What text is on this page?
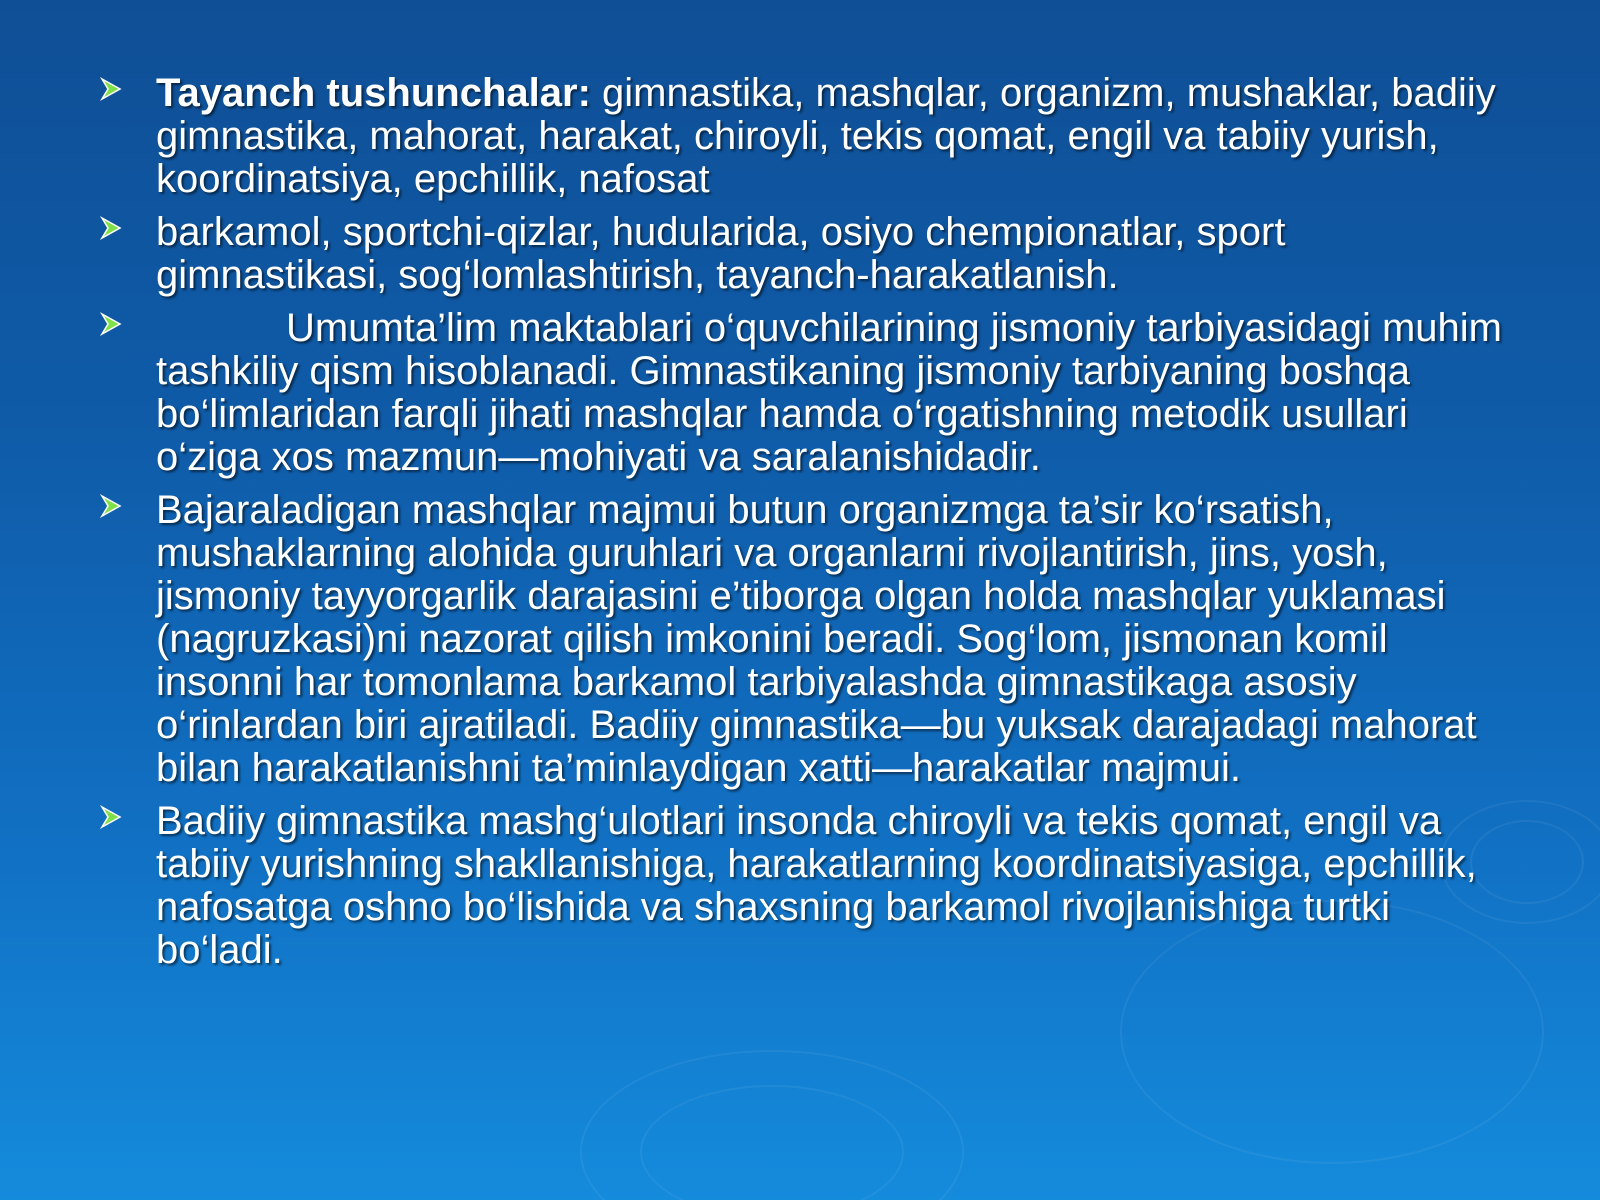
Tayanch tushunchalar: gimnastika, mashqlar, organizm, mushaklar, badiiy gimnastika, mahorat, harakat, chiroyli, tekis qomat, engil va tabiiy yurish, koordinatsiya, epchillik, nafosat
barkamol, sportchi-qizlar, hudularida, osiyo chempionatlar, sport gimnastikasi, sog‘lomlashtirish, tayanch-harakatlanish.
Umumta’lim maktablari o‘quvchilarining jismoniy tarbiyasidagi muhim tashkiliy qism hisoblanadi. Gimnastikaning jismoniy tarbiyaning boshqa bo‘limlaridan farqli jihati mashqlar hamda o‘rgatishning metodik usullari o‘ziga xos mazmun—mohiyati va saralanishidadir.
Bajaraladigan mashqlar majmui butun organizmga ta’sir ko‘rsatish, mushaklarning alohida guruhlari va organlarni rivojlantirish, jins, yosh, jismoniy tayyorgarlik darajasini e’tiborga olgan holda mashqlar yuklamasi (nagruzkasi)ni nazorat qilish imkonini beradi. Sog‘lom, jismonan komil insonni har tomonlama barkamol tarbiyalashda gimnastikaga asosiy o‘rinlardan biri ajratiladi. Badiiy gimnastika—bu yuksak darajadagi mahorat bilan harakatlanishni ta’minlaydigan xatti—harakatlar majmui.
Badiiy gimnastika mashg‘ulotlari insonda chiroyli va tekis qomat, engil va tabiiy yurishning shakllanishiga, harakatlarning koordinatsiyasiga, epchillik, nafosatga oshno bo‘lishida va shaxsning barkamol rivojlanishiga turtki bo‘ladi.
